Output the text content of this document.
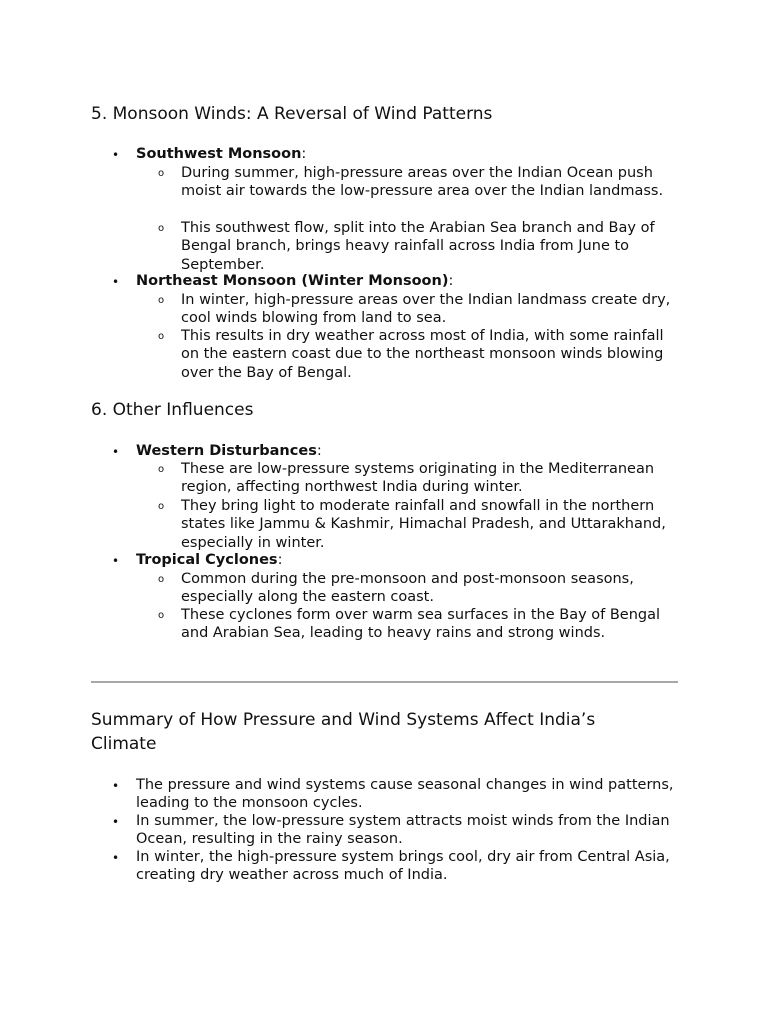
5. Monsoon Winds: A Reversal of Wind Patterns
•	Southwest Monsoon:
o	During summer, high-pressure areas over the Indian Ocean push moist air towards the low-pressure area over the Indian landmass.
o	This southwest flow, split into the Arabian Sea branch and Bay of Bengal branch, brings heavy rainfall across India from June to September.
•	Northeast Monsoon (Winter Monsoon):
o	In winter, high-pressure areas over the Indian landmass create dry, cool winds blowing from land to sea.
o	This results in dry weather across most of India, with some rainfall on the eastern coast due to the northeast monsoon winds blowing over the Bay of Bengal.
6. Other Influences
•	Western Disturbances:
o	These are low-pressure systems originating in the Mediterranean region, affecting northwest India during winter.
o	They bring light to moderate rainfall and snowfall in the northern states like Jammu & Kashmir, Himachal Pradesh, and Uttarakhand, especially in winter.
•	Tropical Cyclones:
o	Common during the pre-monsoon and post-monsoon seasons, especially along the eastern coast.
o	These cyclones form over warm sea surfaces in the Bay of Bengal and Arabian Sea, leading to heavy rains and strong winds.
Summary of How Pressure and Wind Systems Affect India’s Climate
•	The pressure and wind systems cause seasonal changes in wind patterns, leading to the monsoon cycles.
•	In summer, the low-pressure system attracts moist winds from the Indian Ocean, resulting in the rainy season.
•	In winter, the high-pressure system brings cool, dry air from Central Asia, creating dry weather across much of India.
